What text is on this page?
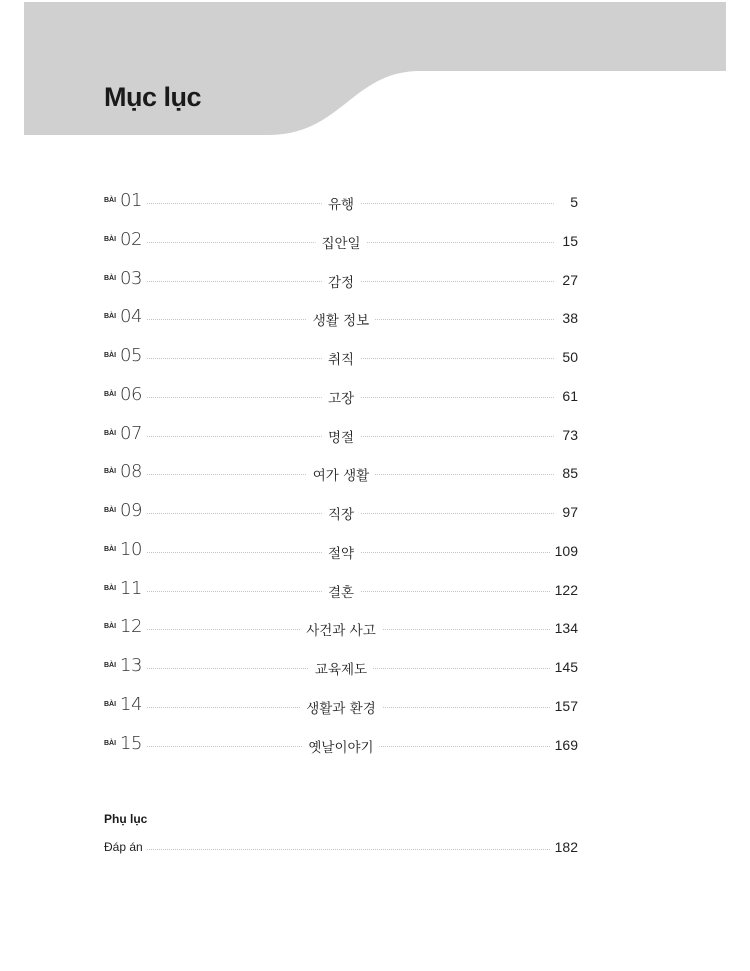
Mục lục
BÀI 01	유행	5
BÀI 02	집안일	15
BÀI 03	감정	27
BÀI 04	생활 정보	38
BÀI 05	취직	50
BÀI 06	고장	61
BÀI 07	명절	73
BÀI 08	여가 생활	85
BÀI 09	직장	97
BÀI 10	절약	109
BÀI 11	결혼	122
BÀI 12	사건과 사고	134
BÀI 13	교육제도	145
BÀI 14	생활과 환경	157
BÀI 15	옛날이야기	169
Phụ lục
Đáp án	182
